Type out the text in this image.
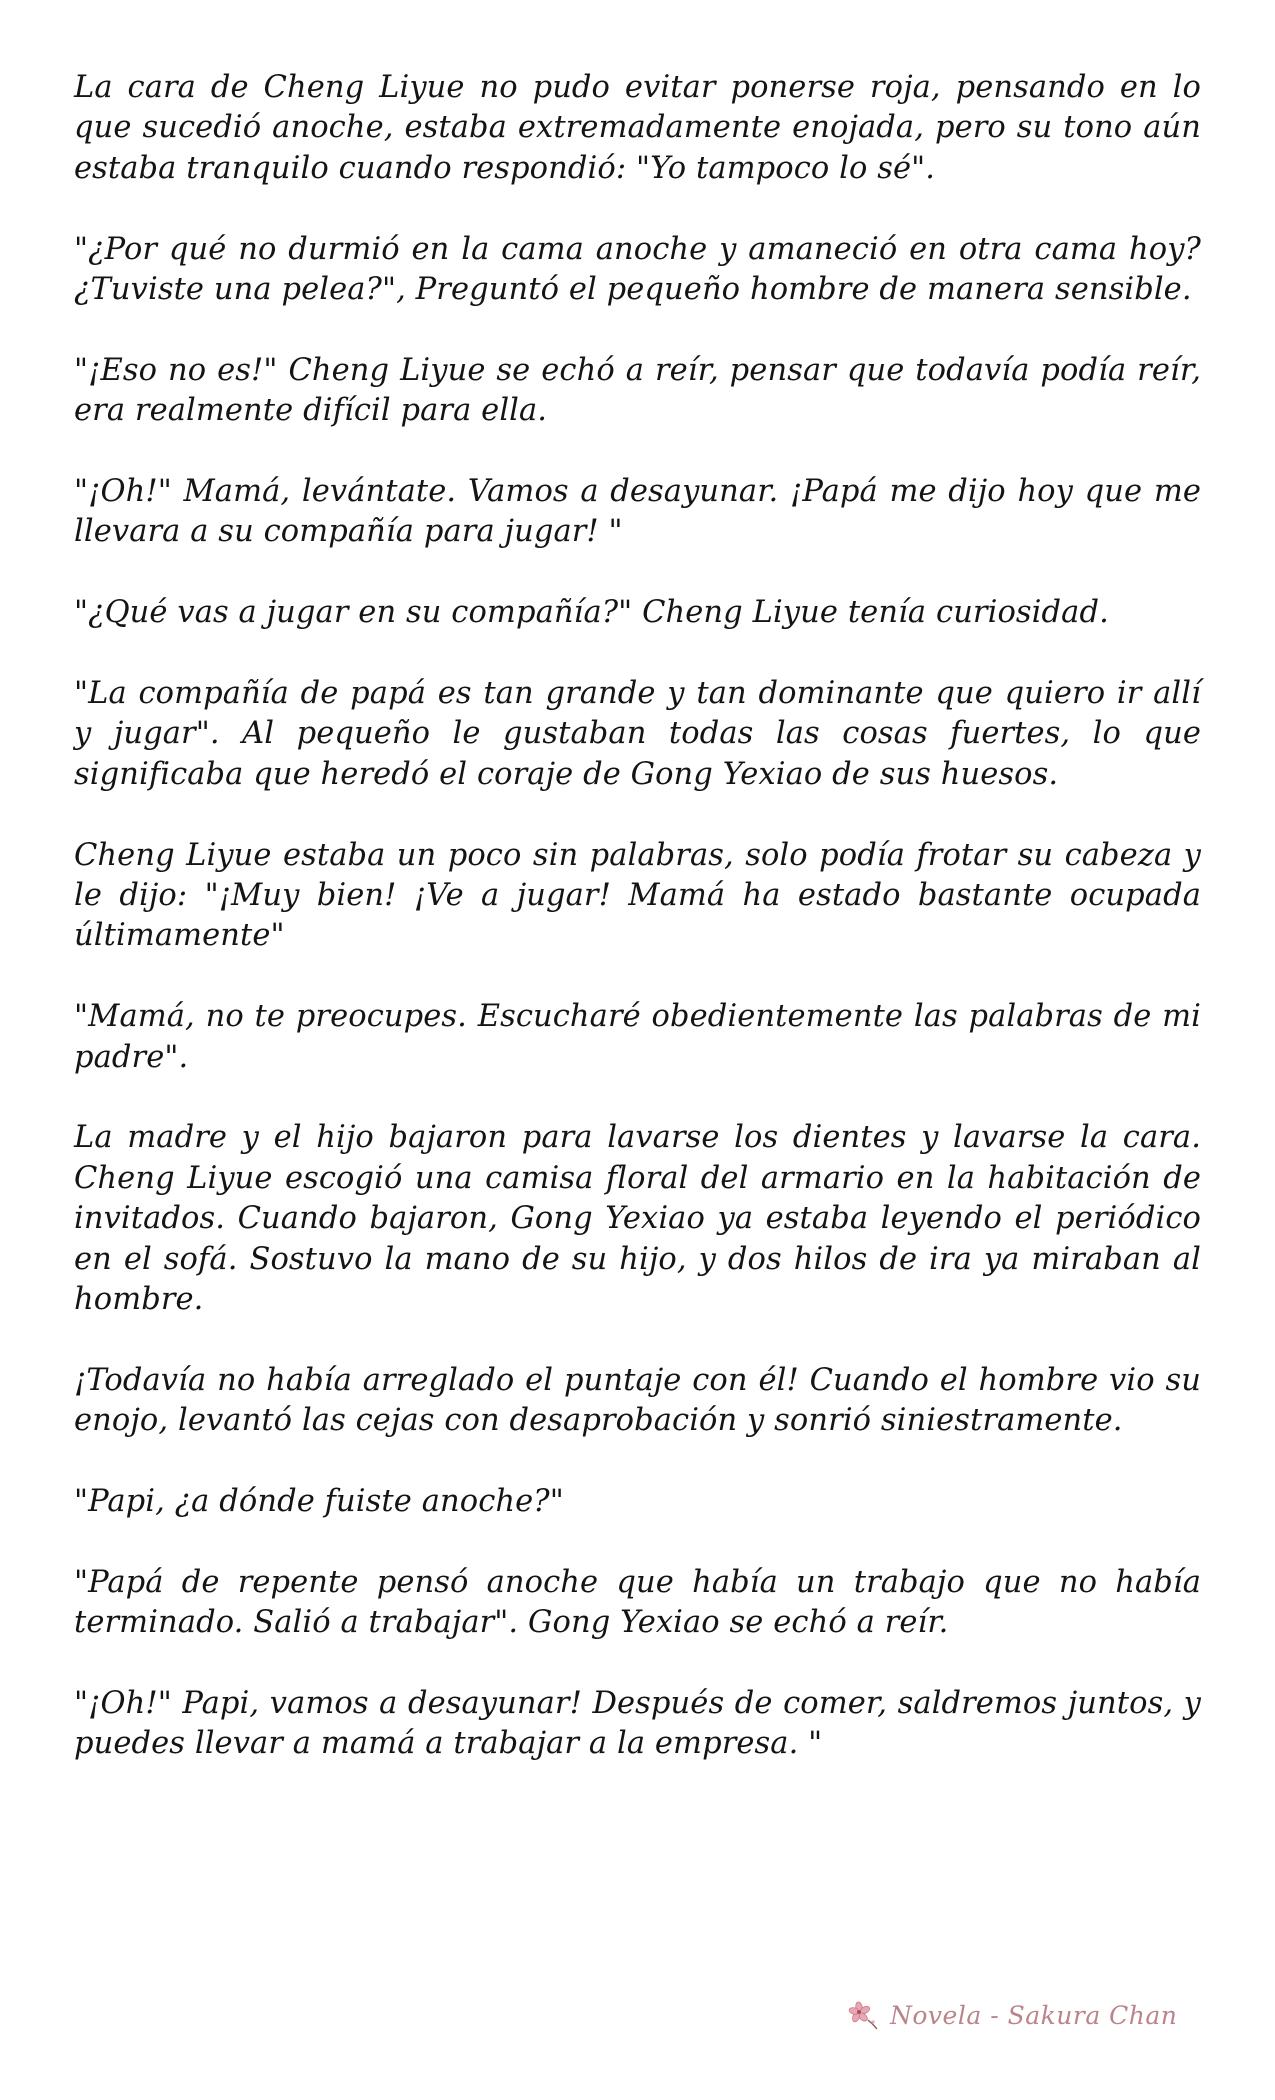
La cara de Cheng Liyue no pudo evitar ponerse roja, pensando en lo que sucedió anoche, estaba extremadamente enojada, pero su tono aún estaba tranquilo cuando respondió: "Yo tampoco lo sé".

"¿Por qué no durmió en la cama anoche y amaneció en otra cama hoy? ¿Tuviste una pelea?", Preguntó el pequeño hombre de manera sensible.

"¡Eso no es!" Cheng Liyue se echó a reír, pensar que todavía podía reír, era realmente difícil para ella.

"¡Oh!" Mamá, levántate. Vamos a desayunar. ¡Papá me dijo hoy que me llevara a su compañía para jugar! "

"¿Qué vas a jugar en su compañía?" Cheng Liyue tenía curiosidad.

"La compañía de papá es tan grande y tan dominante que quiero ir allí y jugar". Al pequeño le gustaban todas las cosas fuertes, lo que significaba que heredó el coraje de Gong Yexiao de sus huesos.

Cheng Liyue estaba un poco sin palabras, solo podía frotar su cabeza y le dijo: "¡Muy bien! ¡Ve a jugar! Mamá ha estado bastante ocupada últimamente"

"Mamá, no te preocupes. Escucharé obedientemente las palabras de mi padre".

La madre y el hijo bajaron para lavarse los dientes y lavarse la cara. Cheng Liyue escogió una camisa floral del armario en la habitación de invitados. Cuando bajaron, Gong Yexiao ya estaba leyendo el periódico en el sofá. Sostuvo la mano de su hijo, y dos hilos de ira ya miraban al hombre.

¡Todavía no había arreglado el puntaje con él! Cuando el hombre vio su enojo, levantó las cejas con desaprobación y sonrió siniestramente.

"Papi, ¿a dónde fuiste anoche?"

"Papá de repente pensó anoche que había un trabajo que no había terminado. Salió a trabajar". Gong Yexiao se echó a reír.

"¡Oh!" Papi, vamos a desayunar! Después de comer, saldremos juntos, y puedes llevar a mamá a trabajar a la empresa. "

Novela - Sakura Chan
